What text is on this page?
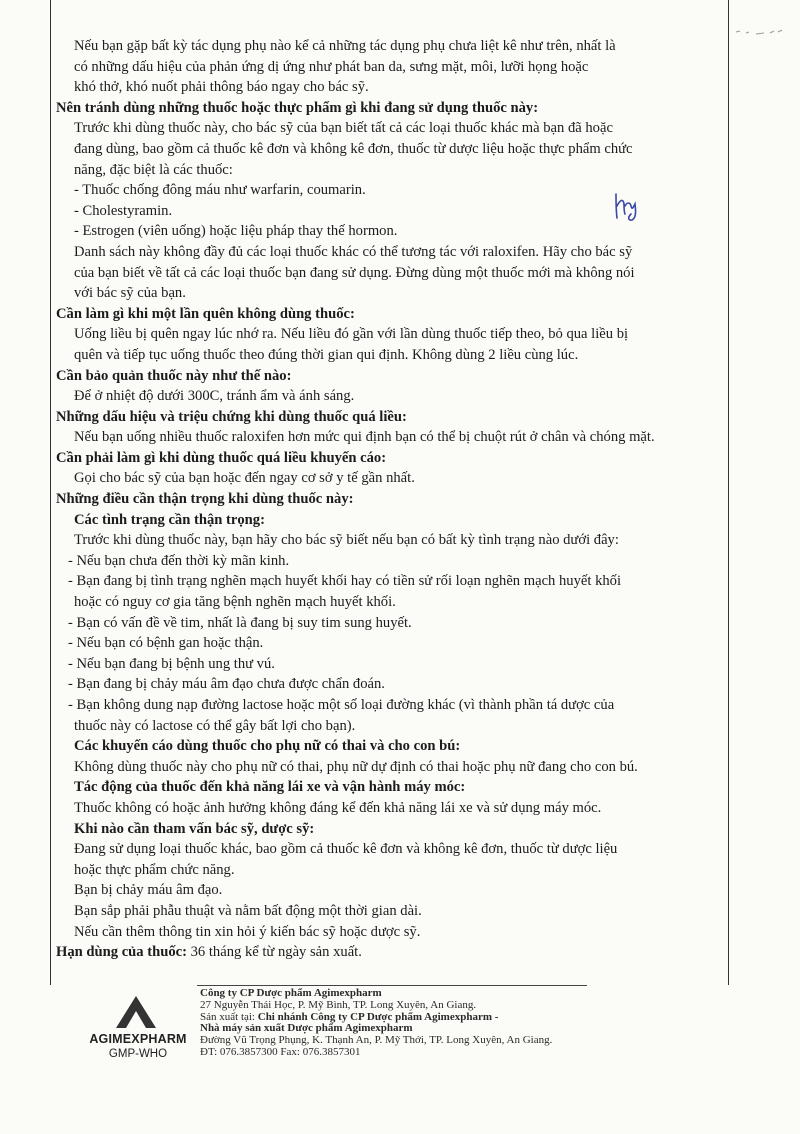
Nếu bạn gặp bất kỳ tác dụng phụ nào kể cả những tác dụng phụ chưa liệt kê như trên, nhất là

có những dấu hiệu của phản ứng dị ứng như phát ban da, sưng mặt, môi, lưỡi họng hoặc

khó thở, khó nuốt phải thông báo ngay cho bác sỹ.

Nên tránh dùng những thuốc hoặc thực phẩm gì khi đang sử dụng thuốc này:

Trước khi dùng thuốc này, cho bác sỹ của bạn biết tất cả các loại thuốc khác mà bạn đã hoặc

đang dùng, bao gồm cả thuốc kê đơn và không kê đơn, thuốc từ dược liệu hoặc thực phẩm chức

năng, đặc biệt là các thuốc:

- Thuốc chống đông máu như warfarin, coumarin.

- Cholestyramin.

- Estrogen (viên uống) hoặc liệu pháp thay thế hormon.

Danh sách này không đầy đủ các loại thuốc khác có thể tương tác với raloxifen. Hãy cho bác sỹ

của bạn biết về tất cả các loại thuốc bạn đang sử dụng. Đừng dùng một thuốc mới mà không nói

với bác sỹ của bạn.

Cần làm gì khi một lần quên không dùng thuốc:

Uống liều bị quên ngay lúc nhớ ra. Nếu liều đó gần với lần dùng thuốc tiếp theo, bỏ qua liều bị

quên và tiếp tục uống thuốc theo đúng thời gian qui định. Không dùng 2 liều cùng lúc.

Cần bảo quản thuốc này như thế nào:

Để ở nhiệt độ dưới 300C, tránh ẩm và ánh sáng.

Những dấu hiệu và triệu chứng khi dùng thuốc quá liều:

Nếu bạn uống nhiều thuốc raloxifen hơn mức qui định bạn có thể bị chuột rút ở chân và chóng mặt.

Cần phải làm gì khi dùng thuốc quá liều khuyến cáo:

Gọi cho bác sỹ của bạn hoặc đến ngay cơ sở y tế gần nhất.

Những điều cần thận trọng khi dùng thuốc này:

Các tình trạng cần thận trọng:

Trước khi dùng thuốc này, bạn hãy cho bác sỹ biết nếu bạn có bất kỳ tình trạng nào dưới đây:

- Nếu bạn chưa đến thời kỳ mãn kinh.

- Bạn đang bị tình trạng nghẽn mạch huyết khối hay có tiền sử rối loạn nghẽn mạch huyết khối

hoặc có nguy cơ gia tăng bệnh nghẽn mạch huyết khối.

- Bạn có vấn đề về tim, nhất là đang bị suy tim sung huyết.

- Nếu bạn có bệnh gan hoặc thận.

- Nếu bạn đang bị bệnh ung thư vú.

- Bạn đang bị chảy máu âm đạo chưa được chẩn đoán.

- Bạn không dung nạp đường lactose hoặc một số loại đường khác (vì thành phần tá dược của

thuốc này có lactose có thể gây bất lợi cho bạn).

Các khuyến cáo dùng thuốc cho phụ nữ có thai và cho con bú:

Không dùng thuốc này cho phụ nữ có thai, phụ nữ dự định có thai hoặc phụ nữ đang cho con bú.

Tác động của thuốc đến khả năng lái xe và vận hành máy móc:

Thuốc không có hoặc ảnh hưởng không đáng kể đến khả năng lái xe và sử dụng máy móc.

Khi nào cần tham vấn bác sỹ, dược sỹ:

Đang sử dụng loại thuốc khác, bao gồm cả thuốc kê đơn và không kê đơn, thuốc từ dược liệu

hoặc thực phẩm chức năng.

Bạn bị chảy máu âm đạo.

Bạn sắp phải phẫu thuật và nằm bất động một thời gian dài.

Nếu cần thêm thông tin xin hỏi ý kiến bác sỹ hoặc dược sỹ.

Hạn dùng của thuốc: 36 tháng kể từ ngày sản xuất.

AGIMEXPHARM
GMP-WHO

Công ty CP Dược phẩm Agimexpharm

27 Nguyễn Thái Học, P. Mỹ Bình, TP. Long Xuyên, An Giang.

Sản xuất tại: Chi nhánh Công ty CP Dược phẩm Agimexpharm -

Nhà máy sản xuất Dược phẩm Agimexpharm

Đường Vũ Trọng Phụng, K. Thạnh An, P. Mỹ Thới, TP. Long Xuyên, An Giang.

ĐT: 076.3857300 Fax: 076.3857301
